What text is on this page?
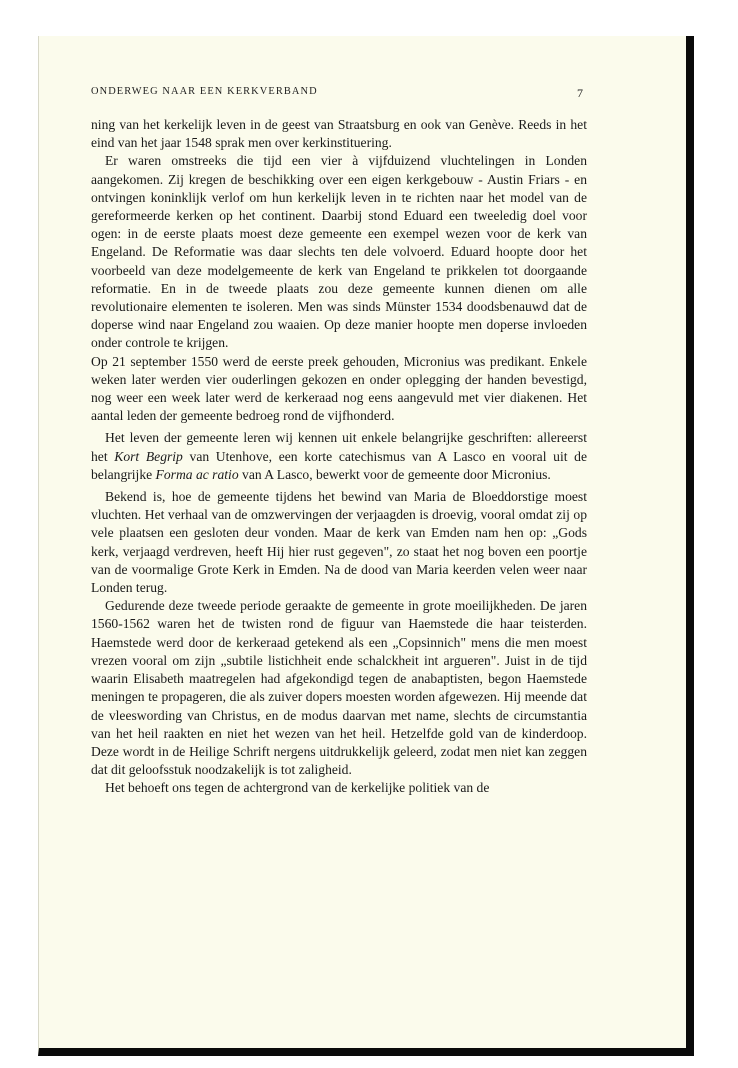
ONDERWEG NAAR EEN KERKVERBAND	7

ning van het kerkelijk leven in de geest van Straatsburg en ook van Genève. Reeds in het eind van het jaar 1548 sprak men over kerkinstituering.

Er waren omstreeks die tijd een vier à vijfduizend vluchtelingen in Londen aangekomen. Zij kregen de beschikking over een eigen kerkgebouw - Austin Friars - en ontvingen koninklijk verlof om hun kerkelijk leven in te richten naar het model van de gereformeerde kerken op het continent. Daarbij stond Eduard een tweeledig doel voor ogen: in de eerste plaats moest deze gemeente een exempel wezen voor de kerk van Engeland. De Reformatie was daar slechts ten dele volvoerd. Eduard hoopte door het voorbeeld van deze modelgemeente de kerk van Engeland te prikkelen tot doorgaande reformatie. En in de tweede plaats zou deze gemeente kunnen dienen om alle revolutionaire elementen te isoleren. Men was sinds Münster 1534 doodsbenauwd dat de doperse wind naar Engeland zou waaien. Op deze manier hoopte men doperse invloeden onder controle te krijgen.

Op 21 september 1550 werd de eerste preek gehouden, Micronius was predikant. Enkele weken later werden vier ouderlingen gekozen en onder oplegging der handen bevestigd, nog weer een week later werd de kerkeraad nog eens aangevuld met vier diakenen. Het aantal leden der gemeente bedroeg rond de vijfhonderd.

Het leven der gemeente leren wij kennen uit enkele belangrijke geschriften: allereerst het Kort Begrip van Utenhove, een korte catechismus van A Lasco en vooral uit de belangrijke Forma ac ratio van A Lasco, bewerkt voor de gemeente door Micronius.

Bekend is, hoe de gemeente tijdens het bewind van Maria de Bloeddorstige moest vluchten. Het verhaal van de omzwervingen der verjaagden is droevig, vooral omdat zij op vele plaatsen een gesloten deur vonden. Maar de kerk van Emden nam hen op: „Gods kerk, verjaagd verdreven, heeft Hij hier rust gegeven", zo staat het nog boven een poortje van de voormalige Grote Kerk in Emden. Na de dood van Maria keerden velen weer naar Londen terug.

Gedurende deze tweede periode geraakte de gemeente in grote moeilijkheden. De jaren 1560-1562 waren het de twisten rond de figuur van Haemstede die haar teisterden. Haemstede werd door de kerkeraad getekend als een „Copsinnich" mens die men moest vrezen vooral om zijn „subtile listichheit ende schalckheit int argueren". Juist in de tijd waarin Elisabeth maatregelen had afgekondigd tegen de anabaptisten, begon Haemstede meningen te propageren, die als zuiver dopers moesten worden afgewezen. Hij meende dat de vleeswording van Christus, en de modus daarvan met name, slechts de circumstantia van het heil raakten en niet het wezen van het heil. Hetzelfde gold van de kinderdoop. Deze wordt in de Heilige Schrift nergens uitdrukkelijk geleerd, zodat men niet kan zeggen dat dit geloofsstuk noodzakelijk is tot zaligheid.

Het behoeft ons tegen de achtergrond van de kerkelijke politiek van de
